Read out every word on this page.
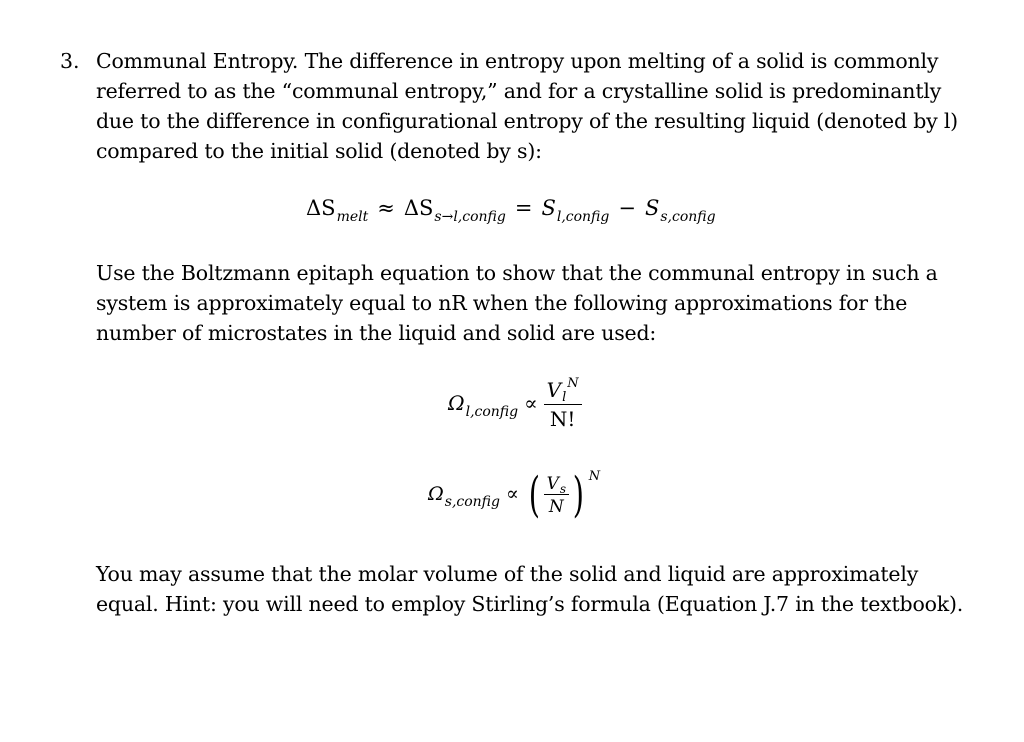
3. Communal Entropy. The difference in entropy upon melting of a solid is commonly
referred to as the “communal entropy,” and for a crystalline solid is predominantly
due to the difference in configurational entropy of the resulting liquid (denoted by l)
compared to the initial solid (denoted by s):
$\Delta S_{melt} \approx \Delta S_{s\to l,config} = S_{l,config} - S_{s,config}$
Use the Boltzmann epitaph equation to show that the communal entropy in such a
system is approximately equal to nR when the following approximations for the
number of microstates in the liquid and solid are used:
$\Omega_{l,config} \propto \frac{V_l^N}{N!}$
$\Omega_{s,config}$ ∝ ( $\frac{V_s}{N}$ ) $^N$
You may assume that the molar volume of the solid and liquid are approximately
equal. Hint: you will need to employ Stirling’s formula (Equation J.7 in the textbook).
